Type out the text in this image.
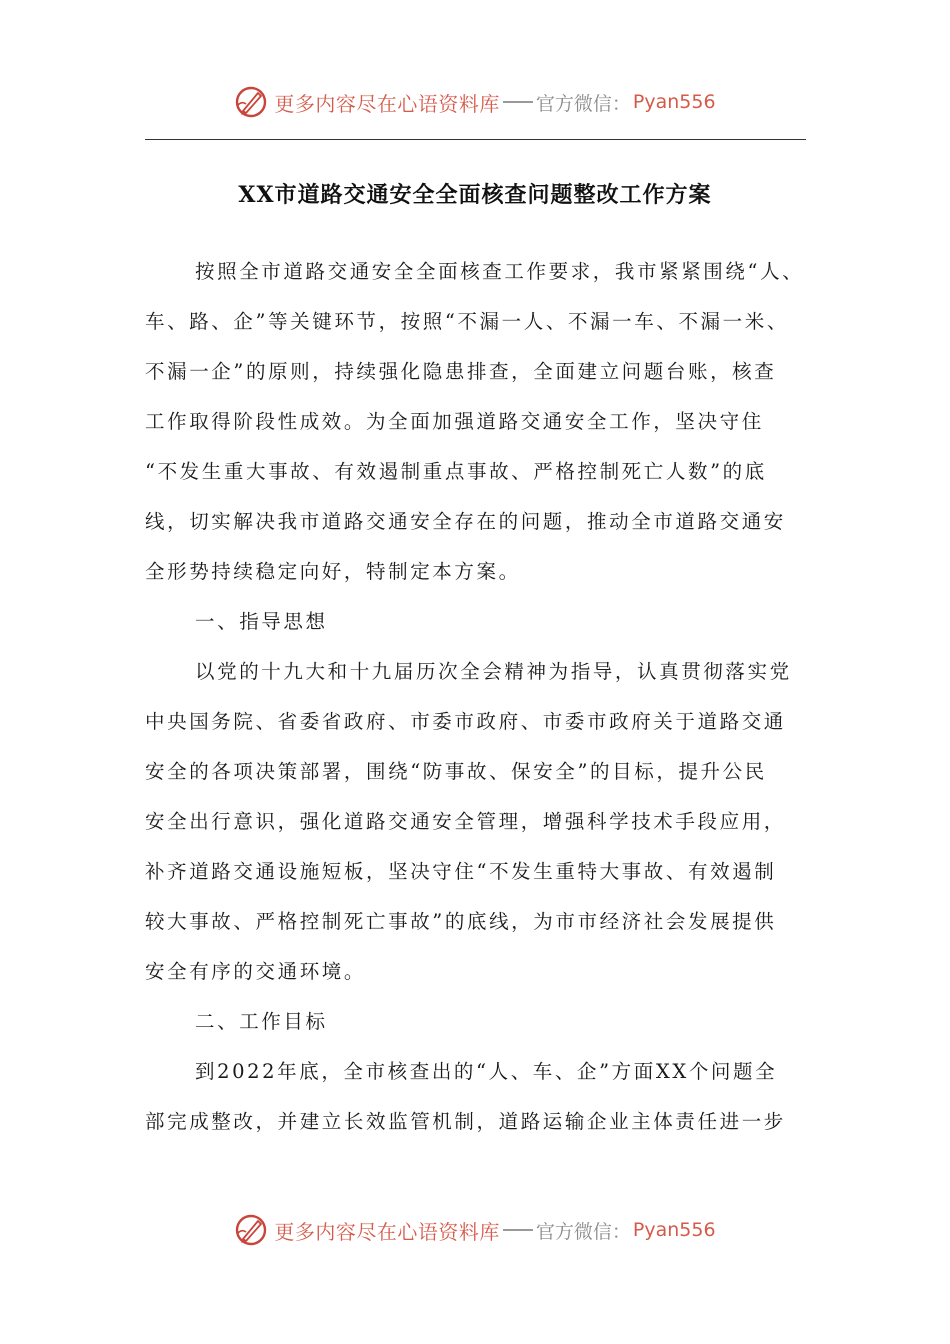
更多内容尽在心语资料库 官方微信： Pyan556
XX市道路交通安全全面核查问题整改工作方案
按照全市道路交通安全全面核查工作要求，我市紧紧围绕“人、
车、路、企”等关键环节，按照“不漏一人、不漏一车、不漏一米、
不漏一企”的原则，持续强化隐患排查，全面建立问题台账，核查
工作取得阶段性成效。为全面加强道路交通安全工作，坚决守住
“不发生重大事故、有效遏制重点事故、严格控制死亡人数”的底
线，切实解决我市道路交通安全存在的问题，推动全市道路交通安
全形势持续稳定向好，特制定本方案。
一、指导思想
以党的十九大和十九届历次全会精神为指导，认真贯彻落实党
中央国务院、省委省政府、市委市政府、市委市政府关于道路交通
安全的各项决策部署，围绕“防事故、保安全”的目标，提升公民
安全出行意识，强化道路交通安全管理，增强科学技术手段应用，
补齐道路交通设施短板，坚决守住“不发生重特大事故、有效遏制
较大事故、严格控制死亡事故”的底线，为市市经济社会发展提供
安全有序的交通环境。
二、工作目标
到2022年底，全市核查出的“人、车、企”方面XX个问题全
部完成整改，并建立长效监管机制，道路运输企业主体责任进一步
更多内容尽在心语资料库 官方微信： Pyan556
